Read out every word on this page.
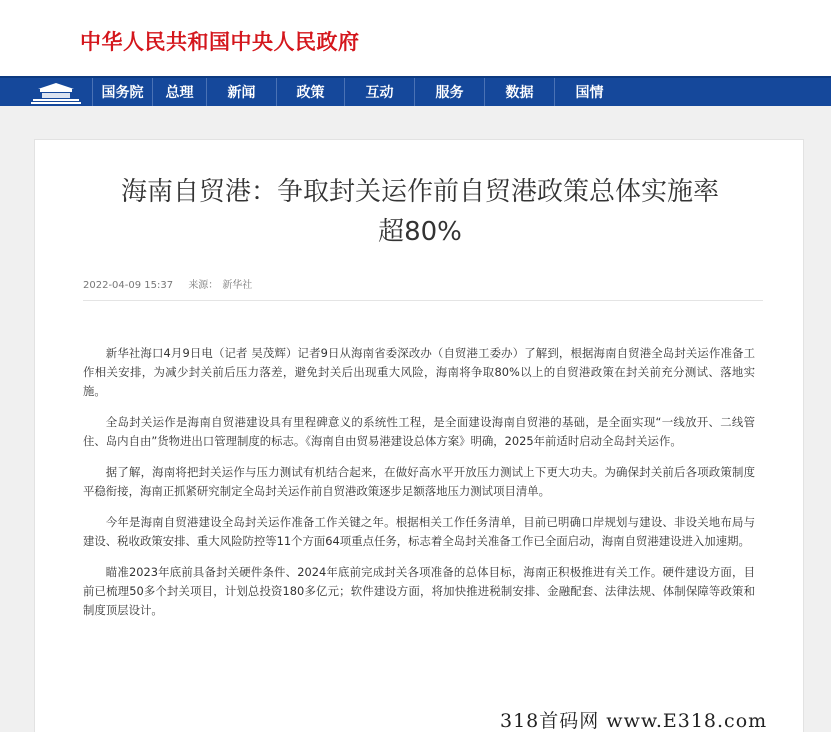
中华人民共和国中央人民政府
国务院	总理	新闻	政策	互动	服务	数据	国情
海南自贸港：争取封关运作前自贸港政策总体实施率
超80%
2022-04-09 15:37 来源： 新华社

新华社海口4月9日电（记者 吴茂辉）记者9日从海南省委深改办（自贸港工委办）了解到，根据海南自贸港全岛封关运作准备工作相关安排，为减少封关前后压力落差，避免封关后出现重大风险，海南将争取80%以上的自贸港政策在封关前充分测试、落地实施。

全岛封关运作是海南自贸港建设具有里程碑意义的系统性工程，是全面建设海南自贸港的基础，是全面实现“一线放开、二线管住、岛内自由”货物进出口管理制度的标志。《海南自由贸易港建设总体方案》明确，2025年前适时启动全岛封关运作。

据了解，海南将把封关运作与压力测试有机结合起来，在做好高水平开放压力测试上下更大功夫。为确保封关前后各项政策制度平稳衔接，海南正抓紧研究制定全岛封关运作前自贸港政策逐步足额落地压力测试项目清单。

今年是海南自贸港建设全岛封关运作准备工作关键之年。根据相关工作任务清单，目前已明确口岸规划与建设、非设关地布局与建设、税收政策安排、重大风险防控等11个方面64项重点任务，标志着全岛封关准备工作已全面启动，海南自贸港建设进入加速期。

瞄准2023年底前具备封关硬件条件、2024年底前完成封关各项准备的总体目标，海南正积极推进有关工作。硬件建设方面，目前已梳理50多个封关项目，计划总投资180多亿元；软件建设方面，将加快推进税制安排、金融配套、法律法规、体制保障等政策和制度顶层设计。

318首码网 www.E318.com
